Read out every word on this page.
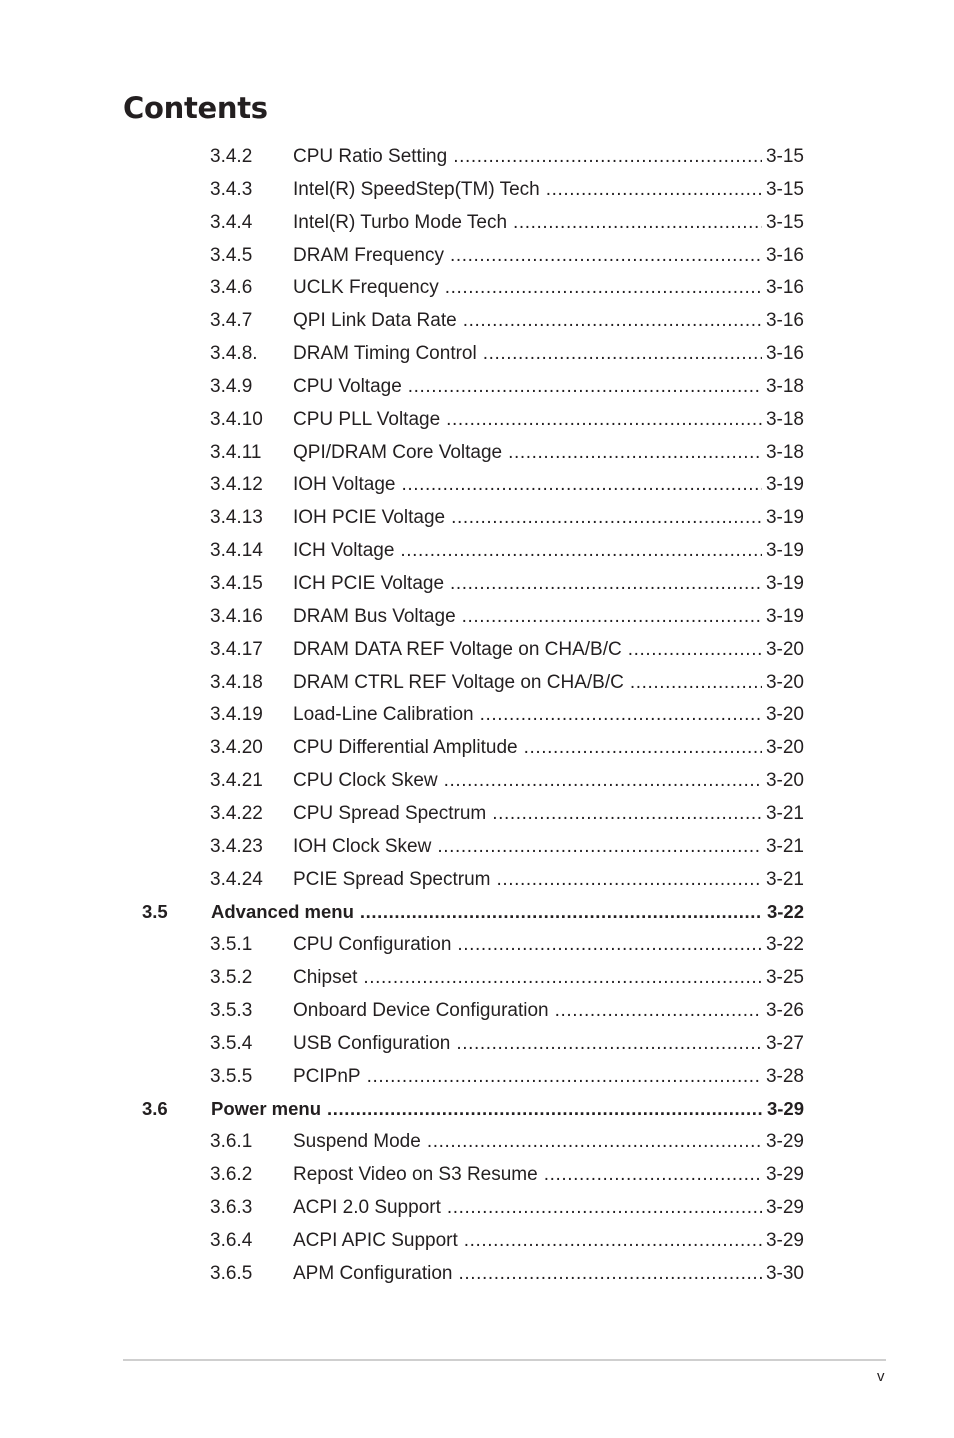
Contents
3.4.2 CPU Ratio Setting .....	3-15
3.4.3 Intel(R) SpeedStep(TM) Tech .....	3-15
3.4.4 Intel(R) Turbo Mode Tech .....	3-15
3.4.5 DRAM Frequency .....	3-16
3.4.6 UCLK Frequency .....	3-16
3.4.7 QPI Link Data Rate .....	3-16
3.4.8. DRAM Timing Control .....	3-16
3.4.9 CPU Voltage .....	3-18
3.4.10 CPU PLL Voltage .....	3-18
3.4.11 QPI/DRAM Core Voltage .....	3-18
3.4.12 IOH Voltage .....	3-19
3.4.13 IOH PCIE Voltage .....	3-19
3.4.14 ICH Voltage .....	3-19
3.4.15 ICH PCIE Voltage .....	3-19
3.4.16 DRAM Bus Voltage .....	3-19
3.4.17 DRAM DATA REF Voltage on CHA/B/C .....	3-20
3.4.18 DRAM CTRL REF Voltage on CHA/B/C .....	3-20
3.4.19 Load-Line Calibration .....	3-20
3.4.20 CPU Differential Amplitude .....	3-20
3.4.21 CPU Clock Skew .....	3-20
3.4.22 CPU Spread Spectrum .....	3-21
3.4.23 IOH Clock Skew .....	3-21
3.4.24 PCIE Spread Spectrum .....	3-21
3.5 Advanced menu .....	3-22
3.5.1 CPU Configuration .....	3-22
3.5.2 Chipset .....	3-25
3.5.3 Onboard Device Configuration .....	3-26
3.5.4 USB Configuration .....	3-27
3.5.5 PCIPnP .....	3-28
3.6 Power menu .....	3-29
3.6.1 Suspend Mode .....	3-29
3.6.2 Repost Video on S3 Resume .....	3-29
3.6.3 ACPI 2.0 Support .....	3-29
3.6.4 ACPI APIC Support .....	3-29
3.6.5 APM Configuration .....	3-30
v
